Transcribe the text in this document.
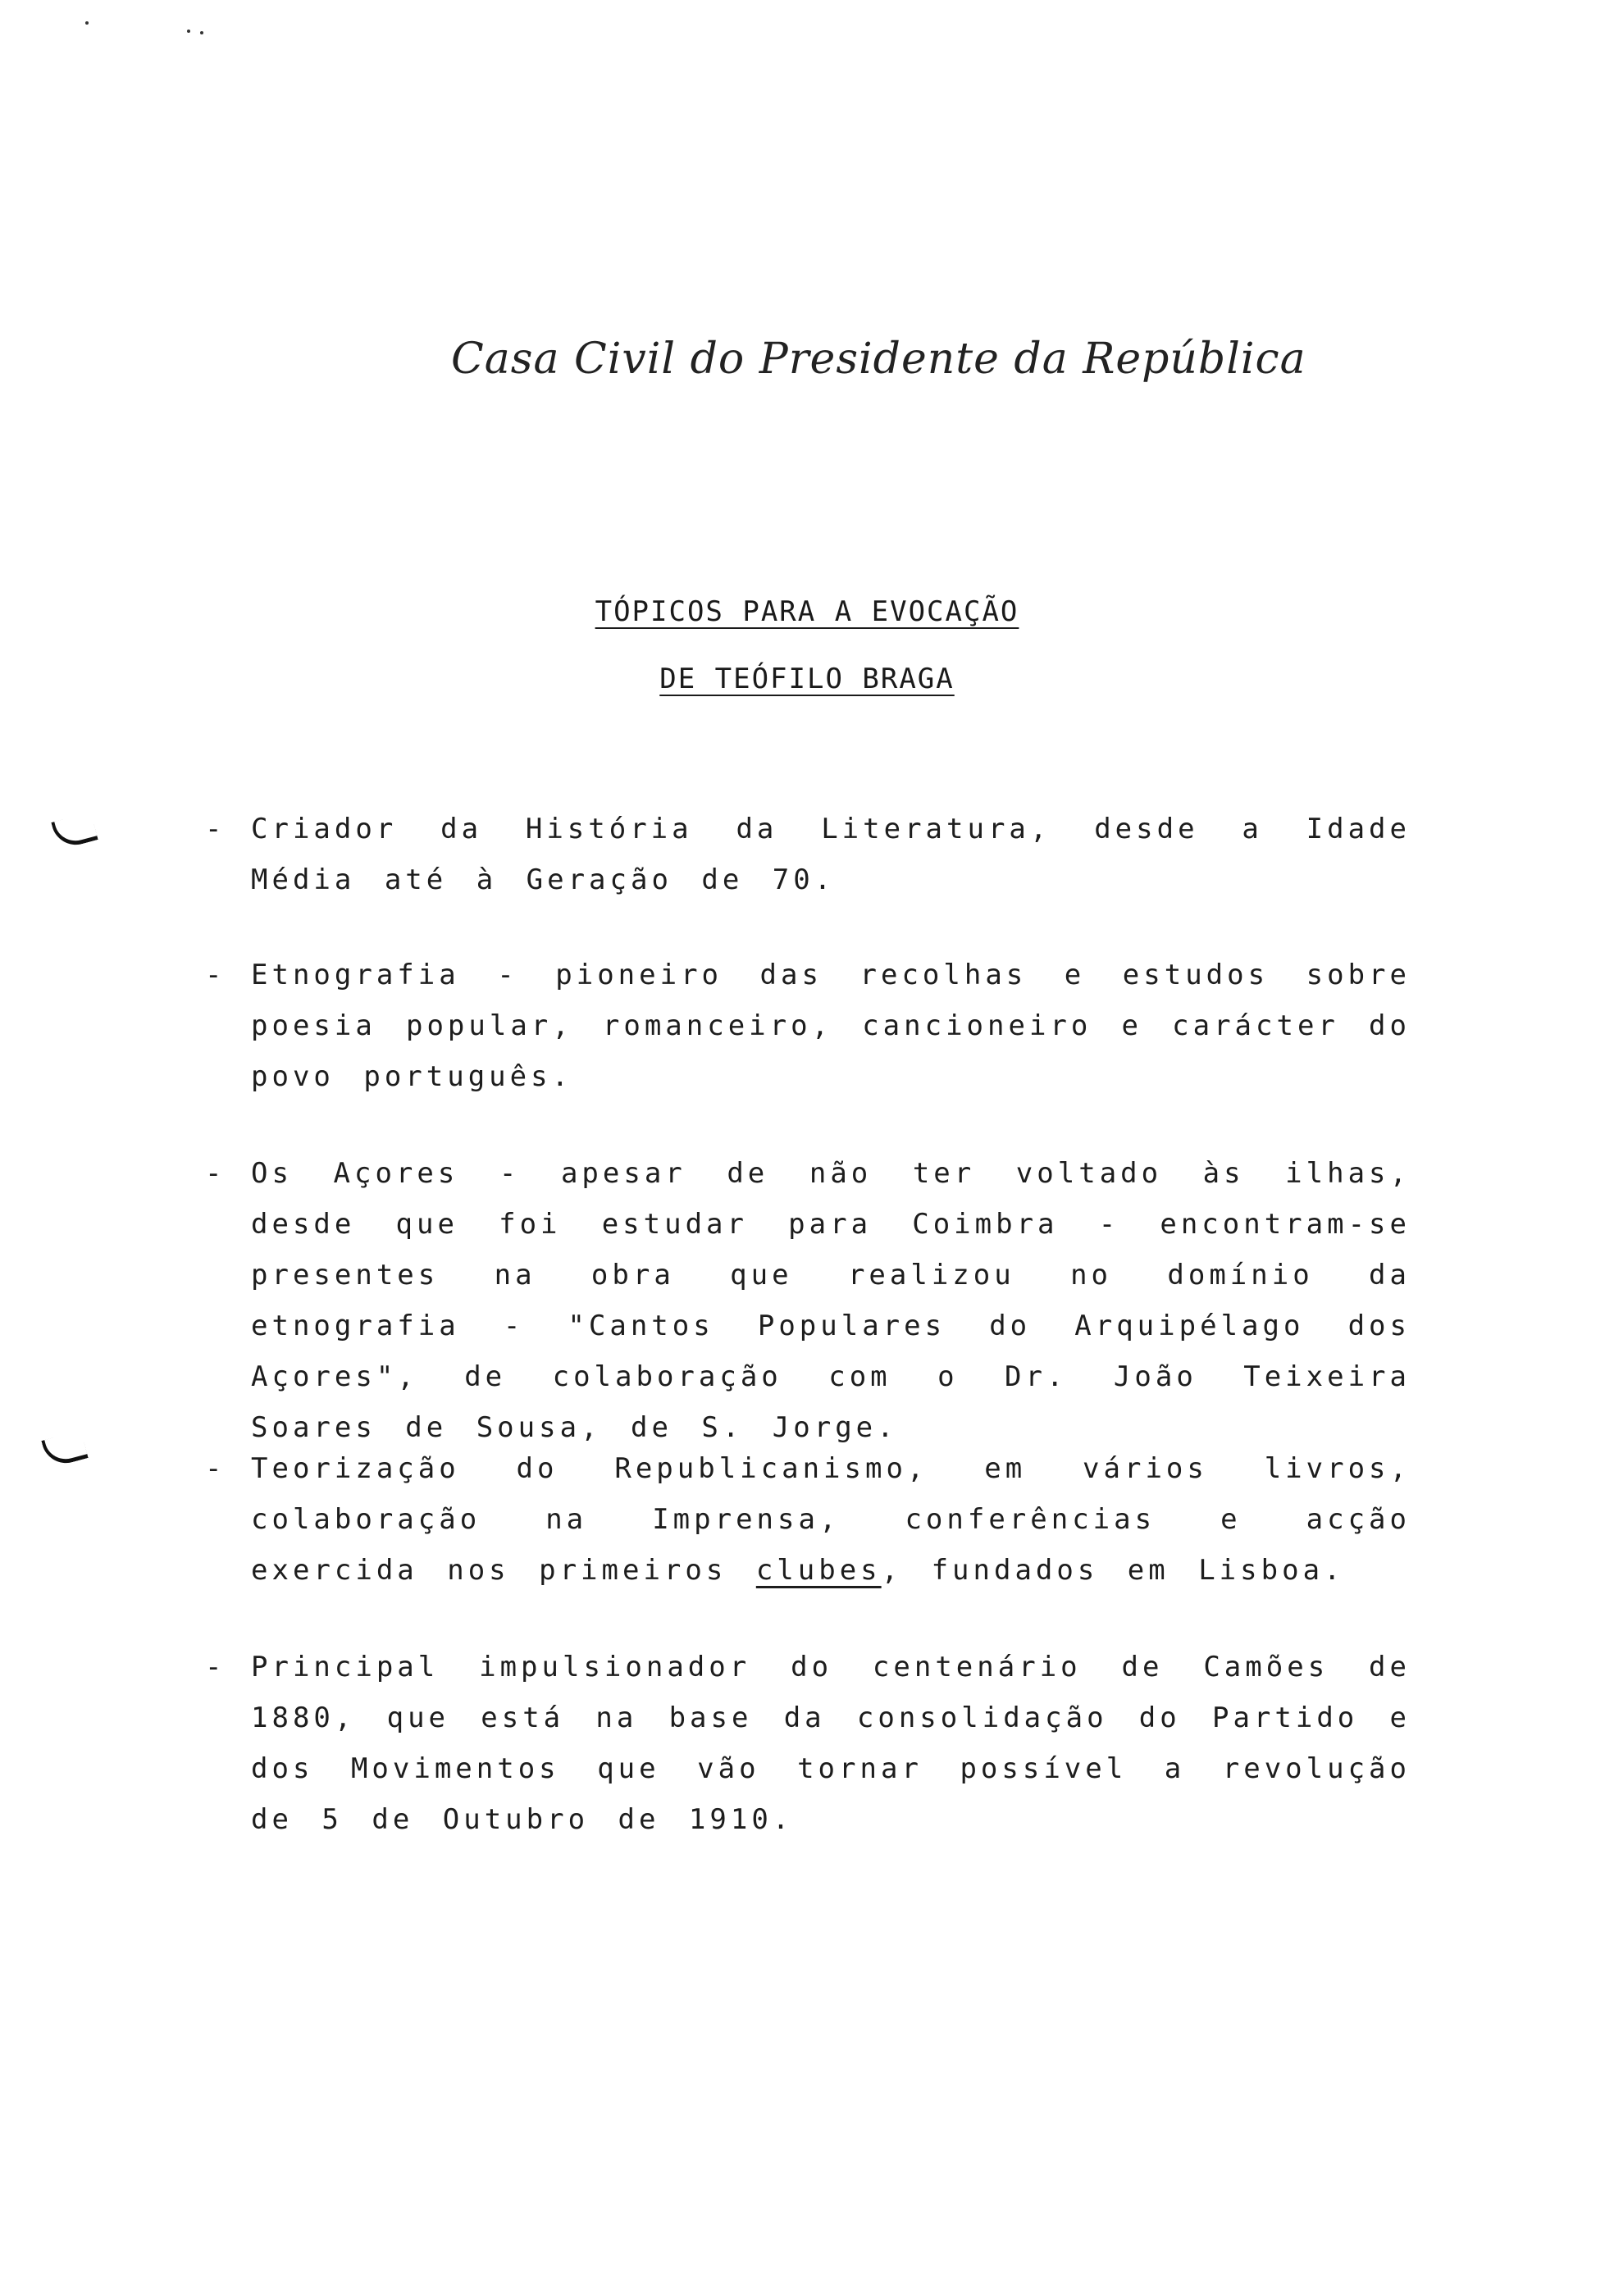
Casa Civil do Presidente da República
TÓPICOS PARA A EVOCAÇÃO
DE TEÓFILO BRAGA
- Criador da História da Literatura, desde a Idade Média até à Geração de 70.
- Etnografia - pioneiro das recolhas e estudos sobre poesia popular, romanceiro, cancioneiro e carácter do povo português.
- Os Açores - apesar de não ter voltado às ilhas, desde que foi estudar para Coimbra - encontram-se presentes na obra que realizou no domínio da etnografia - "Cantos Populares do Arquipélago dos Açores", de colaboração com o Dr. João Teixeira Soares de Sousa, de S. Jorge.
- Teorização do Republicanismo, em vários livros, colaboração na Imprensa, conferências e acção exercida nos primeiros clubes, fundados em Lisboa.
- Principal impulsionador do centenário de Camões de 1880, que está na base da consolidação do Partido e dos Movimentos que vão tornar possível a revolução de 5 de Outubro de 1910.
